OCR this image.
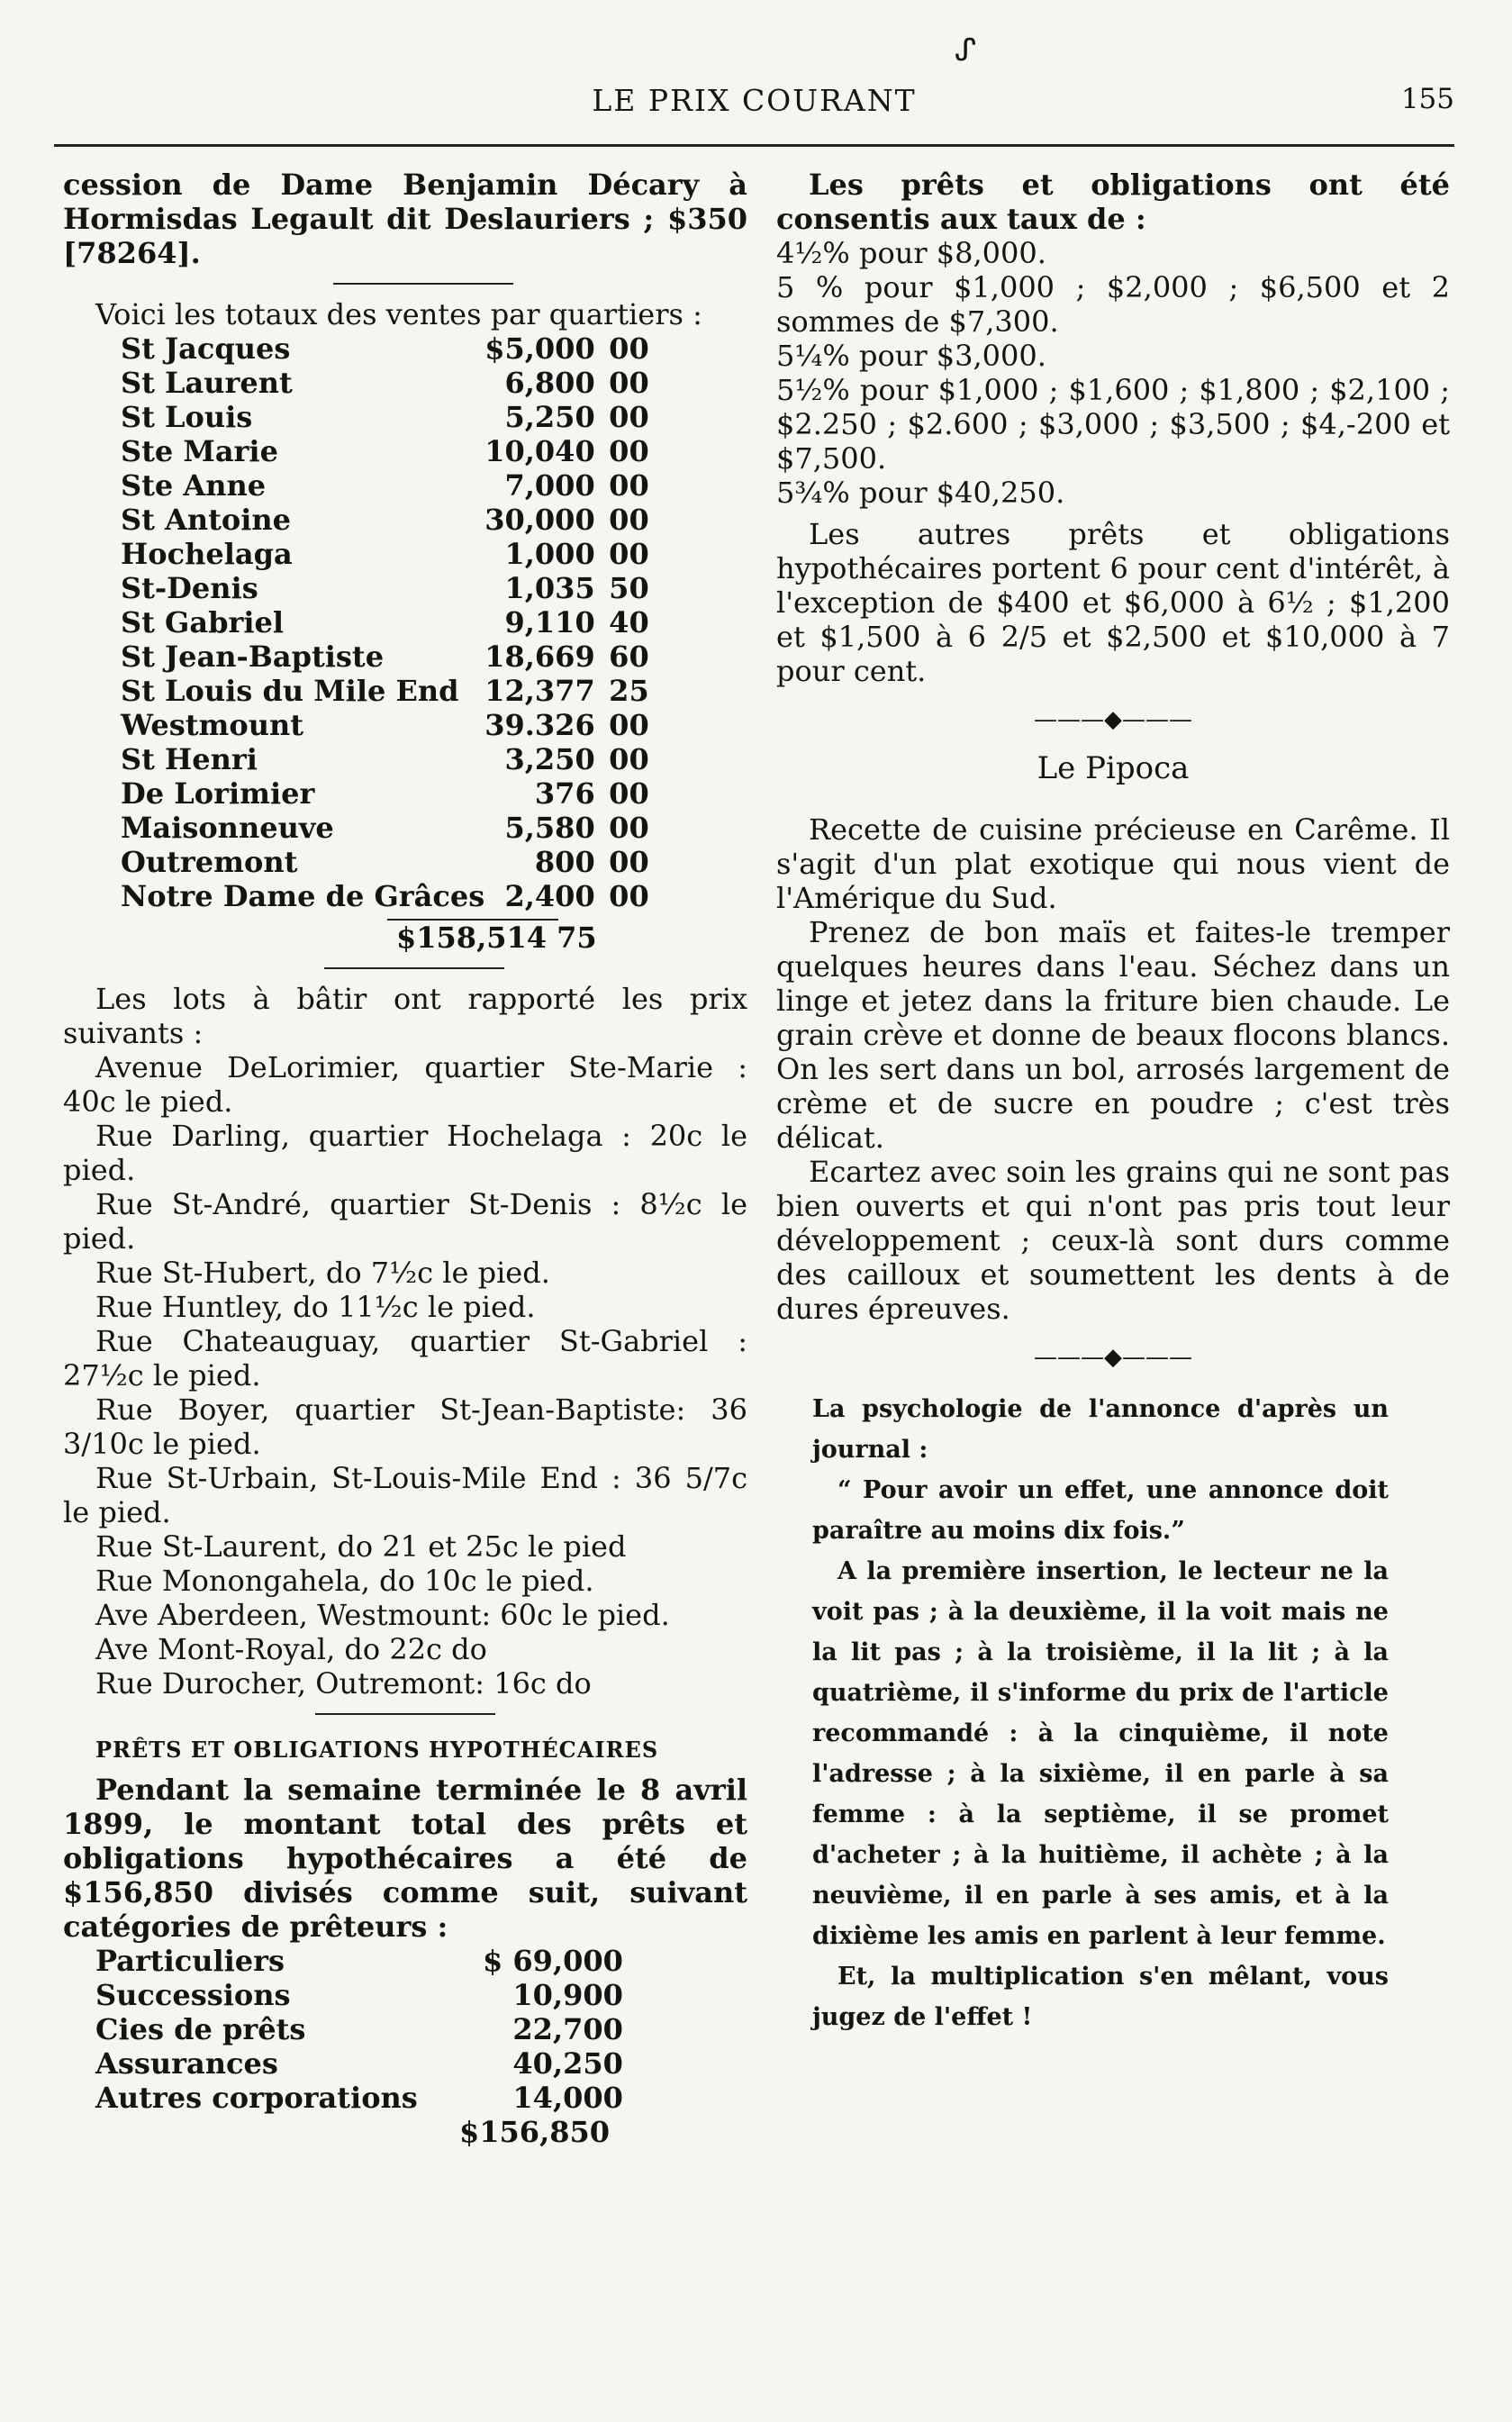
ᔑ
LE PRIX COURANT	155

cession de Dame Benjamin Décary à Hormisdas Legault dit Deslauriers ; $350 [78264].

Voici les totaux des ventes par quartiers :

St Jacques	$5,000	00
St Laurent	6,800	00
St Louis	5,250	00
Ste Marie	10,040	00
Ste Anne	7,000	00
St Antoine	30,000	00
Hochelaga	1,000	00
St-Denis	1,035	50
St Gabriel	9,110	40
St Jean-Baptiste	18,669	60
St Louis du Mile End	12,377	25
Westmount	39.326	00
St Henri	3,250	00
De Lorimier	376	00
Maisonneuve	5,580	00
Outremont	800	00
Notre Dame de Grâces	2,400	00
$158,514 75

Les lots à bâtir ont rapporté les prix suivants :

Avenue DeLorimier, quartier Ste-Marie : 40c le pied.

Rue Darling, quartier Hochelaga : 20c le pied.

Rue St-André, quartier St-Denis : 8½c le pied.

Rue St-Hubert, do 7½c le pied.

Rue Huntley, do 11½c le pied.

Rue Chateauguay, quartier St-Gabriel : 27½c le pied.

Rue Boyer, quartier St-Jean-Baptiste: 36 3/10c le pied.

Rue St-Urbain, St-Louis-Mile End : 36 5/7c le pied.

Rue St-Laurent, do 21 et 25c le pied

Rue Monongahela, do 10c le pied.

Ave Aberdeen, Westmount: 60c le pied.

Ave Mont-Royal, do 22c do

Rue Durocher, Outremont: 16c do

PRÊTS ET OBLIGATIONS HYPOTHÉCAIRES

Pendant la semaine terminée le 8 avril 1899, le montant total des prêts et obligations hypothécaires a été de $156,850 divisés comme suit, suivant catégories de prêteurs :

Particuliers	$ 69,000
Successions	10,900
Cies de prêts	22,700
Assurances	40,250
Autres corporations	14,000
$156,850

Les prêts et obligations ont été consentis aux taux de :

4½% pour $8,000.

5 % pour $1,000 ; $2,000 ; $6,500 et 2 sommes de $7,300.

5¼% pour $3,000.

5½% pour $1,000 ; $1,600 ; $1,800 ; $2,100 ; $2.250 ; $2.600 ; $3,000 ; $3,500 ; $4,-200 et $7,500.

5¾% pour $40,250.

Les autres prêts et obligations hypothécaires portent 6 pour cent d'intérêt, à l'exception de $400 et $6,000 à 6½ ; $1,200 et $1,500 à 6 2/5 et $2,500 et $10,000 à 7 pour cent.

———◆———

Le Pipoca

Recette de cuisine précieuse en Carême. Il s'agit d'un plat exotique qui nous vient de l'Amérique du Sud.

Prenez de bon maïs et faites-le tremper quelques heures dans l'eau. Séchez dans un linge et jetez dans la friture bien chaude. Le grain crève et donne de beaux flocons blancs. On les sert dans un bol, arrosés largement de crème et de sucre en poudre ; c'est très délicat.

Ecartez avec soin les grains qui ne sont pas bien ouverts et qui n'ont pas pris tout leur développement ; ceux-là sont durs comme des cailloux et soumettent les dents à de dures épreuves.

———◆———

La psychologie de l'annonce d'après un journal :

“ Pour avoir un effet, une annonce doit paraître au moins dix fois.”

A la première insertion, le lecteur ne la voit pas ; à la deuxième, il la voit mais ne la lit pas ; à la troisième, il la lit ; à la quatrième, il s'informe du prix de l'article recommandé : à la cinquième, il note l'adresse ; à la sixième, il en parle à sa femme : à la septième, il se promet d'acheter ; à la huitième, il achète ; à la neuvième, il en parle à ses amis, et à la dixième les amis en parlent à leur femme.

Et, la multiplication s'en mêlant, vous jugez de l'effet !
